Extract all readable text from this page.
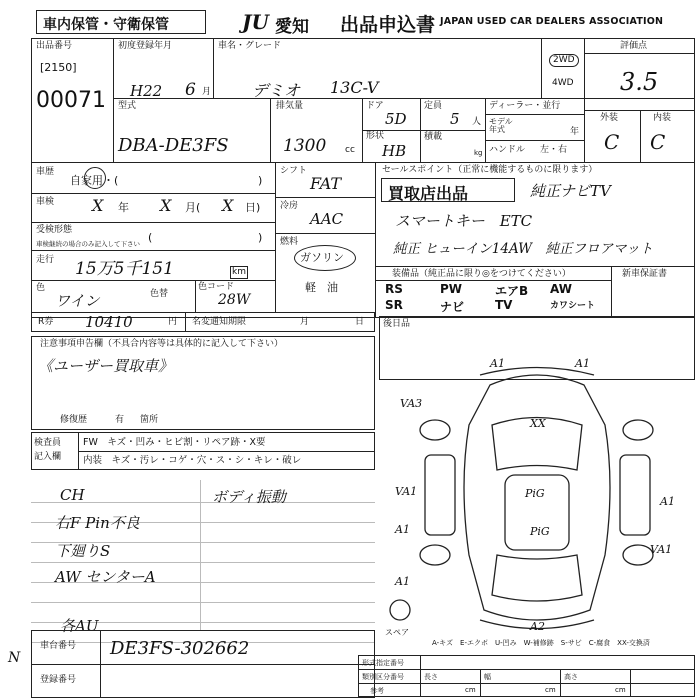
車内保管・守衛保管	JU 愛知 出品申込書 JAPAN USED CAR DEALERS ASSOCIATION
出品番号
[2150]
00071
初度登録年月
H22 6 月
車名・グレード
デミオ 13C-V
2WD
4WD
評価点
3.5
外装	内装
C C
型式
DBA-DE3FS
排気量
1300 cc
ドア
5D
形状
HB
定員
5 人
積載
kg
ディーラー・並行
モデル
年式	年
ハンドル 左・右
車歴
自家用・(	)
車検 X 年 X 月( X 日)
受検形態
車検継続の場合のみ記入して下さい (	)
走行 15万5千151	km
色
ワイン	色替
色コード
28W
シフト
FAT
冷房
AAC
燃料
ガソリン
軽　油
セールスポイント（正常に機能するものに限ります）
買取店出品	純正ナビTV
スマートキー　ETC
純正 ヒューイン14AW　純正フロアマット
装備品（純正品に限り◎をつけてください）	新車保証書
RS	PW	エアB AW
SR	ナビ	TV	カワシート
R券 10410	円 名変通知期限	月	日 後日品
注意事項申告欄（不具合内容等は具体的に記入して下さい）
《ユーザー買取車》
修復歴	有 箇所
検査員
記入欄
FW　キズ・凹み・ヒビ割・リペア跡・X要
内装　キズ・汚レ・コゲ・穴・ス・シ・キレ・破レ
CH	ボディ振動
右F Pin不良
下廻りS
AW センターA
各AU
A1	A1
VA3
XX
VA1
A1
PiG
PiG
A1
VA1
A1
A2
スペア
A-キズ　E-エクボ　U-凹み　W-補修跡　S-サビ　C-腐食　XX-交換済
車台番号 DE3FS-302662
登録番号
N	形式指定番号
類別区分番号
参考
長さ	幅	高さ
cm	cm	cm
